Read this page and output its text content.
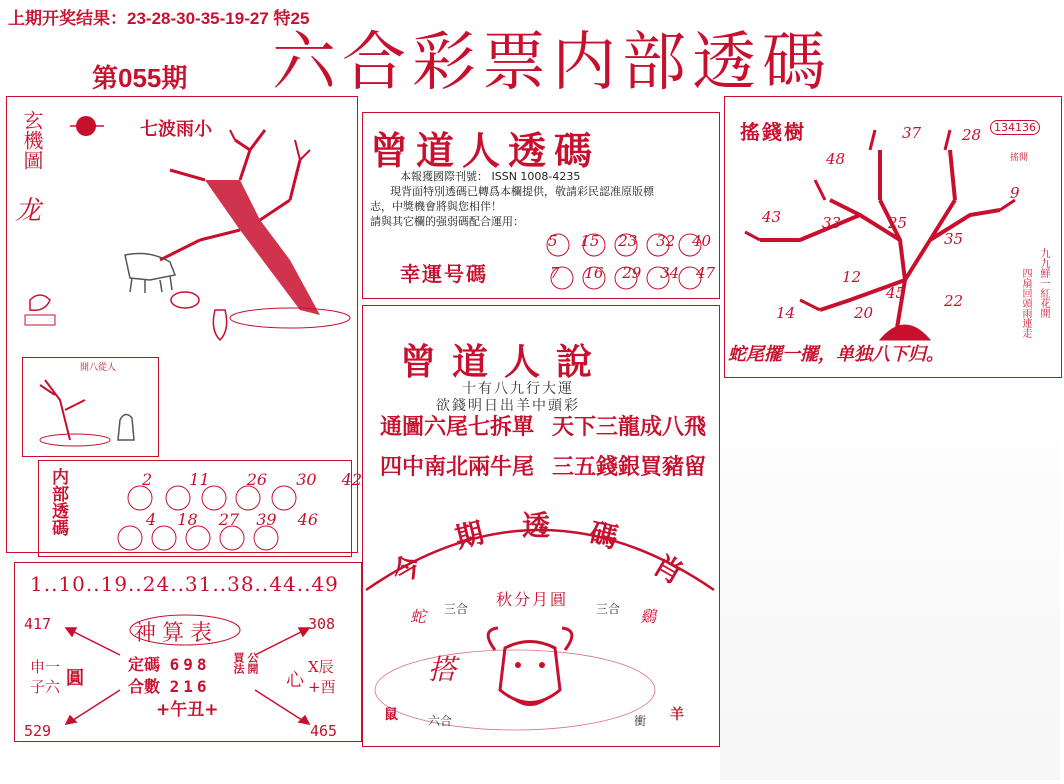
上期开奖结果：23-28-30-35-19-27 特25
第055期 六合彩票内部透碼
玄機圖
龙
七波雨小
開八從人
内部透碼	2 11 26 30 42
4 18 27 39 46
1..10..19..24..31..38..44..49
417	308
529	465
神算表
定碼 698
合數 216
買法 公開
+午丑+
申一
子六 圓	心
X辰
+酉
曾道人透碼
本報獲國際刊號： ISSN 1008-4235
現背面特別透碼已轉爲本欄提供，敬請彩民認准原版標
志，中獎機會將與您相伴！
請與其它欄的强弱碼配合運用：
幸運号碼
5 15 23 32 40
7 16 29 34 47
曾道人說
十有八九行大運
欲錢明日出羊中頭彩
通圖六尾七拆單 天下三龍成八飛
四中南北兩牛尾 三五錢銀買豬留
今
期 透 碼
肖
秋分月圓
蛇 三合	三合 鷄
搭
鼠	六合	衝 羊
搖錢樹	134136
搖開
九九鮮一紅花開
四扇回頭雨連走
37	28
48
9
25
43	33
12
35
45
14
22
20
蛇尾擺一擺，单独八下归。
